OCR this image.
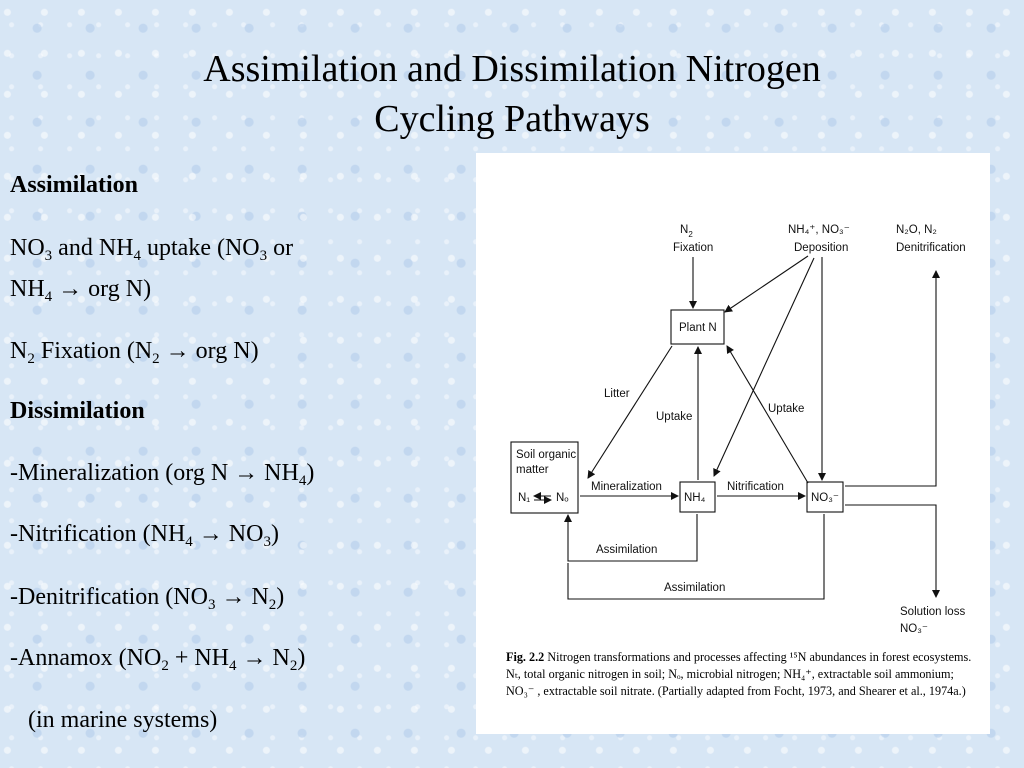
Assimilation and Dissimilation Nitrogen
Cycling Pathways
Assimilation
$NO_3$ and $NH_4$ uptake ($NO_3$ or
$NH_4$ → org N)
$N_2$ Fixation ($N_2$ → org N)
Dissimilation
-Mineralization (org $N \to NH_4$)
-Nitrification $(NH_4 \to NO_3)$
-Denitrification $(NO_3 \to N_2)$
-Annamox $(NO_2 + NH_4 \to N_2)$
(in marine systems)
$N_2$
Fixation
NH₄⁺, NO₃⁻
Deposition
N₂O, N₂
Denitrification
Plant N
Litter
Uptake
Uptake
Soil organic
matter
N₁ Nₒ
Mineralization
NH₄
Nitrification
NO₃⁻
Assimilation
Assimilation
Solution loss
NO₃⁻
Fig. 2.2 Nitrogen transformations and processes affecting ¹⁵N abundances in forest ecosystems. Nₜ, total organic nitrogen in soil; Nₒ, microbial nitrogen; NH₄⁺, extractable soil ammonium; NO₃⁻ , extractable soil nitrate. (Partially adapted from Focht, 1973, and Shearer et al., 1974a.)
